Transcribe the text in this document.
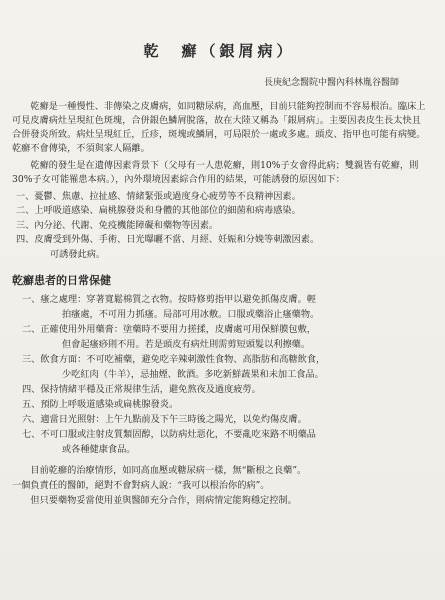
乾　癬（銀屑病）
長庚紀念醫院中醫內科林胤谷醫師

乾癬是一種慢性、非傳染之皮膚病，如同糖尿病，高血壓，目前只能夠控制而不容易根治。臨床上可見皮膚病灶呈現紅色斑塊，合併銀色鱗屑脫落，故在大陸又稱為「銀屑病」。主要因表皮生長太快且合併發炎所致。病灶呈現紅丘，丘疹，斑塊或鱗屑，可局限於一處或多處。頭皮、指甲也可能有病變。乾癬不會傳染，不須與家人隔離。

乾癬的發生是在遺傳因素背景下（父母有一人患乾癬，則10%子女會得此病；雙親皆有乾癬，則30%子女可能罹患本病。），內外環境因素綜合作用的結果，可能誘發的原因如下：

一、憂鬱、焦慮、拉扯感、情緒緊張或過度身心疲勞等不良精神因素。

二、上呼吸道感染、扁桃腺發炎和身體的其他部位的細菌和病毒感染。

三、內分泌、代謝、免疫機能障礙和藥物等因素。

四、皮膚受到外傷、手術、日光曝曬不當、月經、妊娠和分娩等刺激因素。

可誘發此病。

乾癬患者的日常保健

一、瘙之處理：穿著寬鬆棉質之衣物。按時修剪指甲以避免抓傷皮膚。輕

拍瘙處，不可用力抓瘙。局部可用冰敷。口服或藥浴止瘙藥物。

二、正確使用外用藥膏：塗藥時不要用力搓揉，皮膚處可用保鮮膜包敷，

但會起瘙痧則不用。若是頭皮有病灶則需剪短頭髮以利擦藥。

三、飲食方面：不可吃補藥，避免吃辛辣刺激性食物、高脂肪和高糖飲食，

少吃紅肉（牛羊），忌抽煙、飲酒。多吃新鮮蔬果和未加工食品。

四、保持情緒平穩及正常規律生活，避免熬夜及過度疲勞。

五、預防上呼吸道感染或扁桃腺發炎。

六、適當日光照射：上午九點前及下午三時後之陽光，以免灼傷皮膚。

七、不可口服或注射皮質類固醇，以防病灶惡化，不要亂吃來路不明藥品

或各種健康食品。

目前乾癬的治療情形，如同高血壓或糖尿病一樣，無“斷根之良藥”。

一個負責任的醫師，絕對不會對病人說：“我可以根治你的病”。

但只要藥物妥當使用並與醫師充分合作，則病情定能夠穩定控制。
